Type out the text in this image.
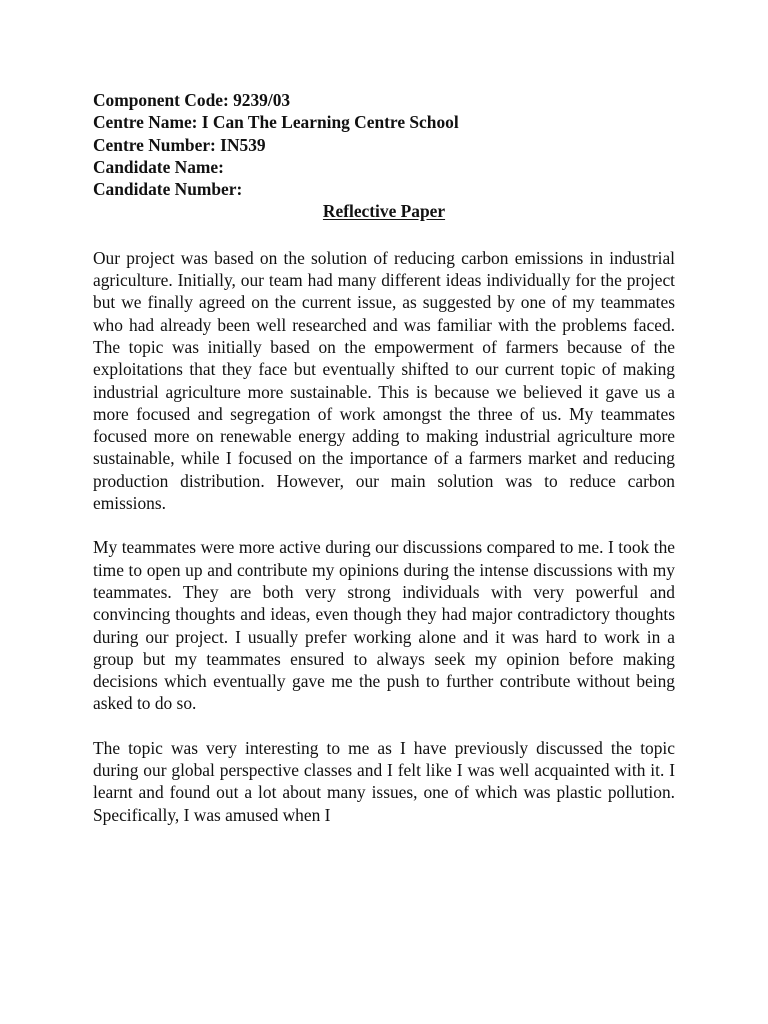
Component Code: 9239/03
Centre Name: I Can The Learning Centre School
Centre Number: IN539
Candidate Name:
Candidate Number:
Reflective Paper

Our project was based on the solution of reducing carbon emissions in industrial agriculture. Initially, our team had many different ideas individually for the project but we finally agreed on the current issue, as suggested by one of my teammates who had already been well researched and was familiar with the problems faced. The topic was initially based on the empowerment of farmers because of the exploitations that they face but eventually shifted to our current topic of making industrial agriculture more sustainable. This is because we believed it gave us a more focused and segregation of work amongst the three of us. My teammates focused more on renewable energy adding to making industrial agriculture more sustainable, while I focused on the importance of a farmers market and reducing production distribution. However, our main solution was to reduce carbon emissions.

My teammates were more active during our discussions compared to me. I took the time to open up and contribute my opinions during the intense discussions with my teammates. They are both very strong individuals with very powerful and convincing thoughts and ideas, even though they had major contradictory thoughts during our project. I usually prefer working alone and it was hard to work in a group but my teammates ensured to always seek my opinion before making decisions which eventually gave me the push to further contribute without being asked to do so.

The topic was very interesting to me as I have previously discussed the topic during our global perspective classes and I felt like I was well acquainted with it. I learnt and found out a lot about many issues, one of which was plastic pollution. Specifically, I was amused when I
